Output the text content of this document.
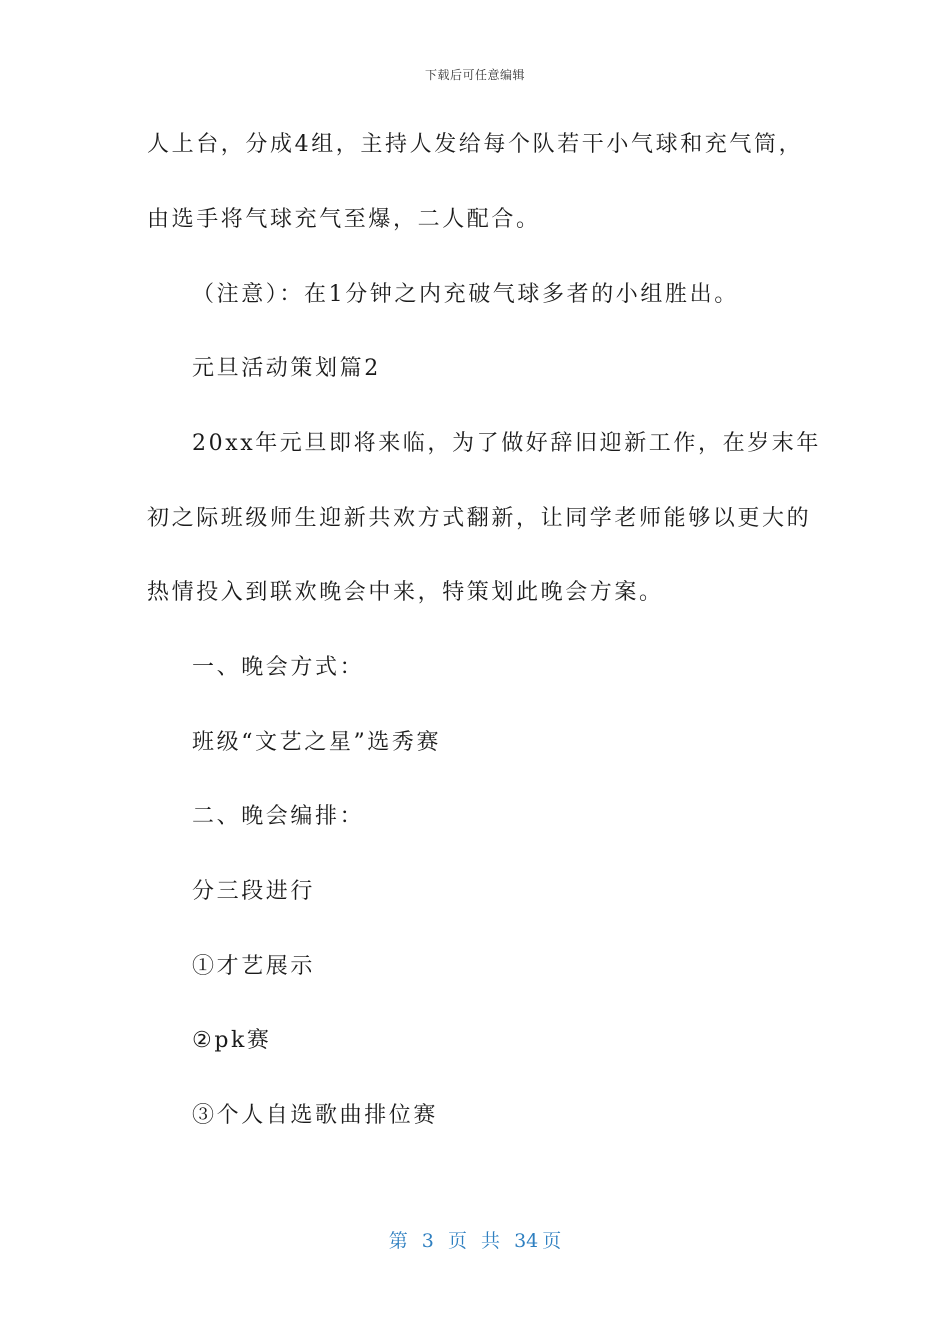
下载后可任意编辑
人上台，分成4组，主持人发给每个队若干小气球和充气筒，
由选手将气球充气至爆，二人配合。
（注意）：在1分钟之内充破气球多者的小组胜出。
元旦活动策划篇2
20xx年元旦即将来临，为了做好辞旧迎新工作，在岁末年
初之际班级师生迎新共欢方式翻新，让同学老师能够以更大的
热情投入到联欢晚会中来，特策划此晚会方案。
一、晚会方式：
班级“文艺之星”选秀赛
二、晚会编排：
分三段进行
①才艺展示
②pk赛
③个人自选歌曲排位赛
第 3 页 共 34 页
